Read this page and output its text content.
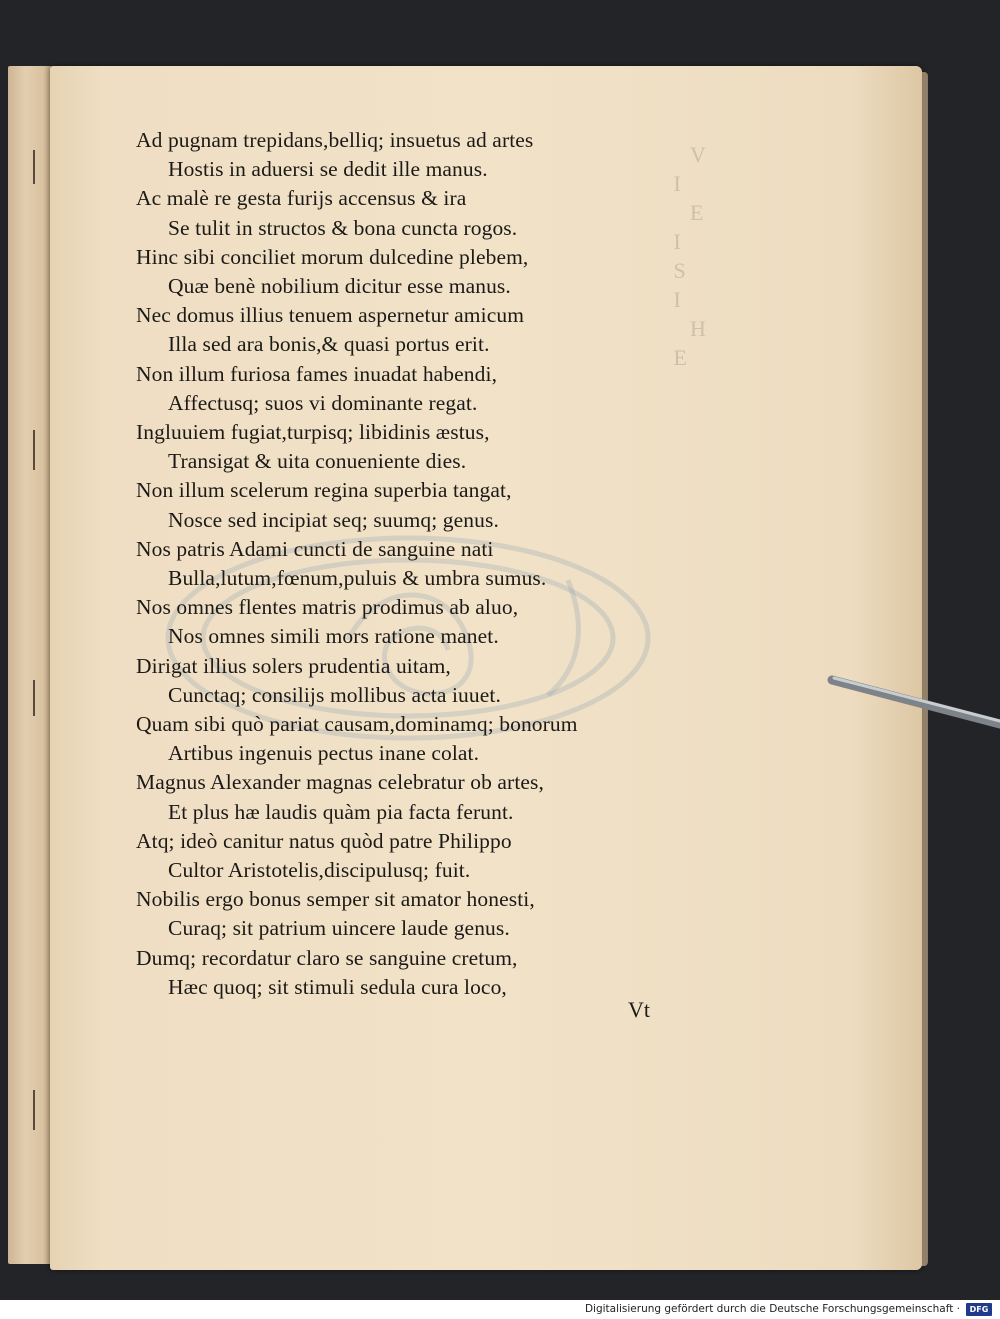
V
I
E
I
S
I
H
E
Ad pugnam trepidans,belliq; insuetus ad artes
Hostis in aduersi se dedit ille manus.
Ac malè re gesta furijs accensus & ira
Se tulit in structos & bona cuncta rogos.
Hinc sibi conciliet morum dulcedine plebem,
Quæ benè nobilium dicitur esse manus.
Nec domus illius tenuem aspernetur amicum
Illa sed ara bonis,& quasi portus erit.
Non illum furiosa fames inuadat habendi,
Affectusq; suos vi dominante regat.
Ingluuiem fugiat,turpisq; libidinis æstus,
Transigat & uita conueniente dies.
Non illum scelerum regina superbia tangat,
Nosce sed incipiat seq; suumq; genus.
Nos patris Adami cuncti de sanguine nati
Bulla,lutum,fœnum,puluis & umbra sumus.
Nos omnes flentes matris prodimus ab aluo,
Nos omnes simili mors ratione manet.
Dirigat illius solers prudentia uitam,
Cunctaq; consilijs mollibus acta iuuet.
Quam sibi quò pariat causam,dominamq; bonorum
Artibus ingenuis pectus inane colat.
Magnus Alexander magnas celebratur ob artes,
Et plus hæ laudis quàm pia facta ferunt.
Atq; ideò canitur natus quòd patre Philippo
Cultor Aristotelis,discipulusq; fuit.
Nobilis ergo bonus semper sit amator honesti,
Curaq; sit patrium uincere laude genus.
Dumq; recordatur claro se sanguine cretum,
Hæc quoq; sit stimuli sedula cura loco,
Vt
Digitalisierung gefördert durch die Deutsche Forschungsgemeinschaft ·	DFG
